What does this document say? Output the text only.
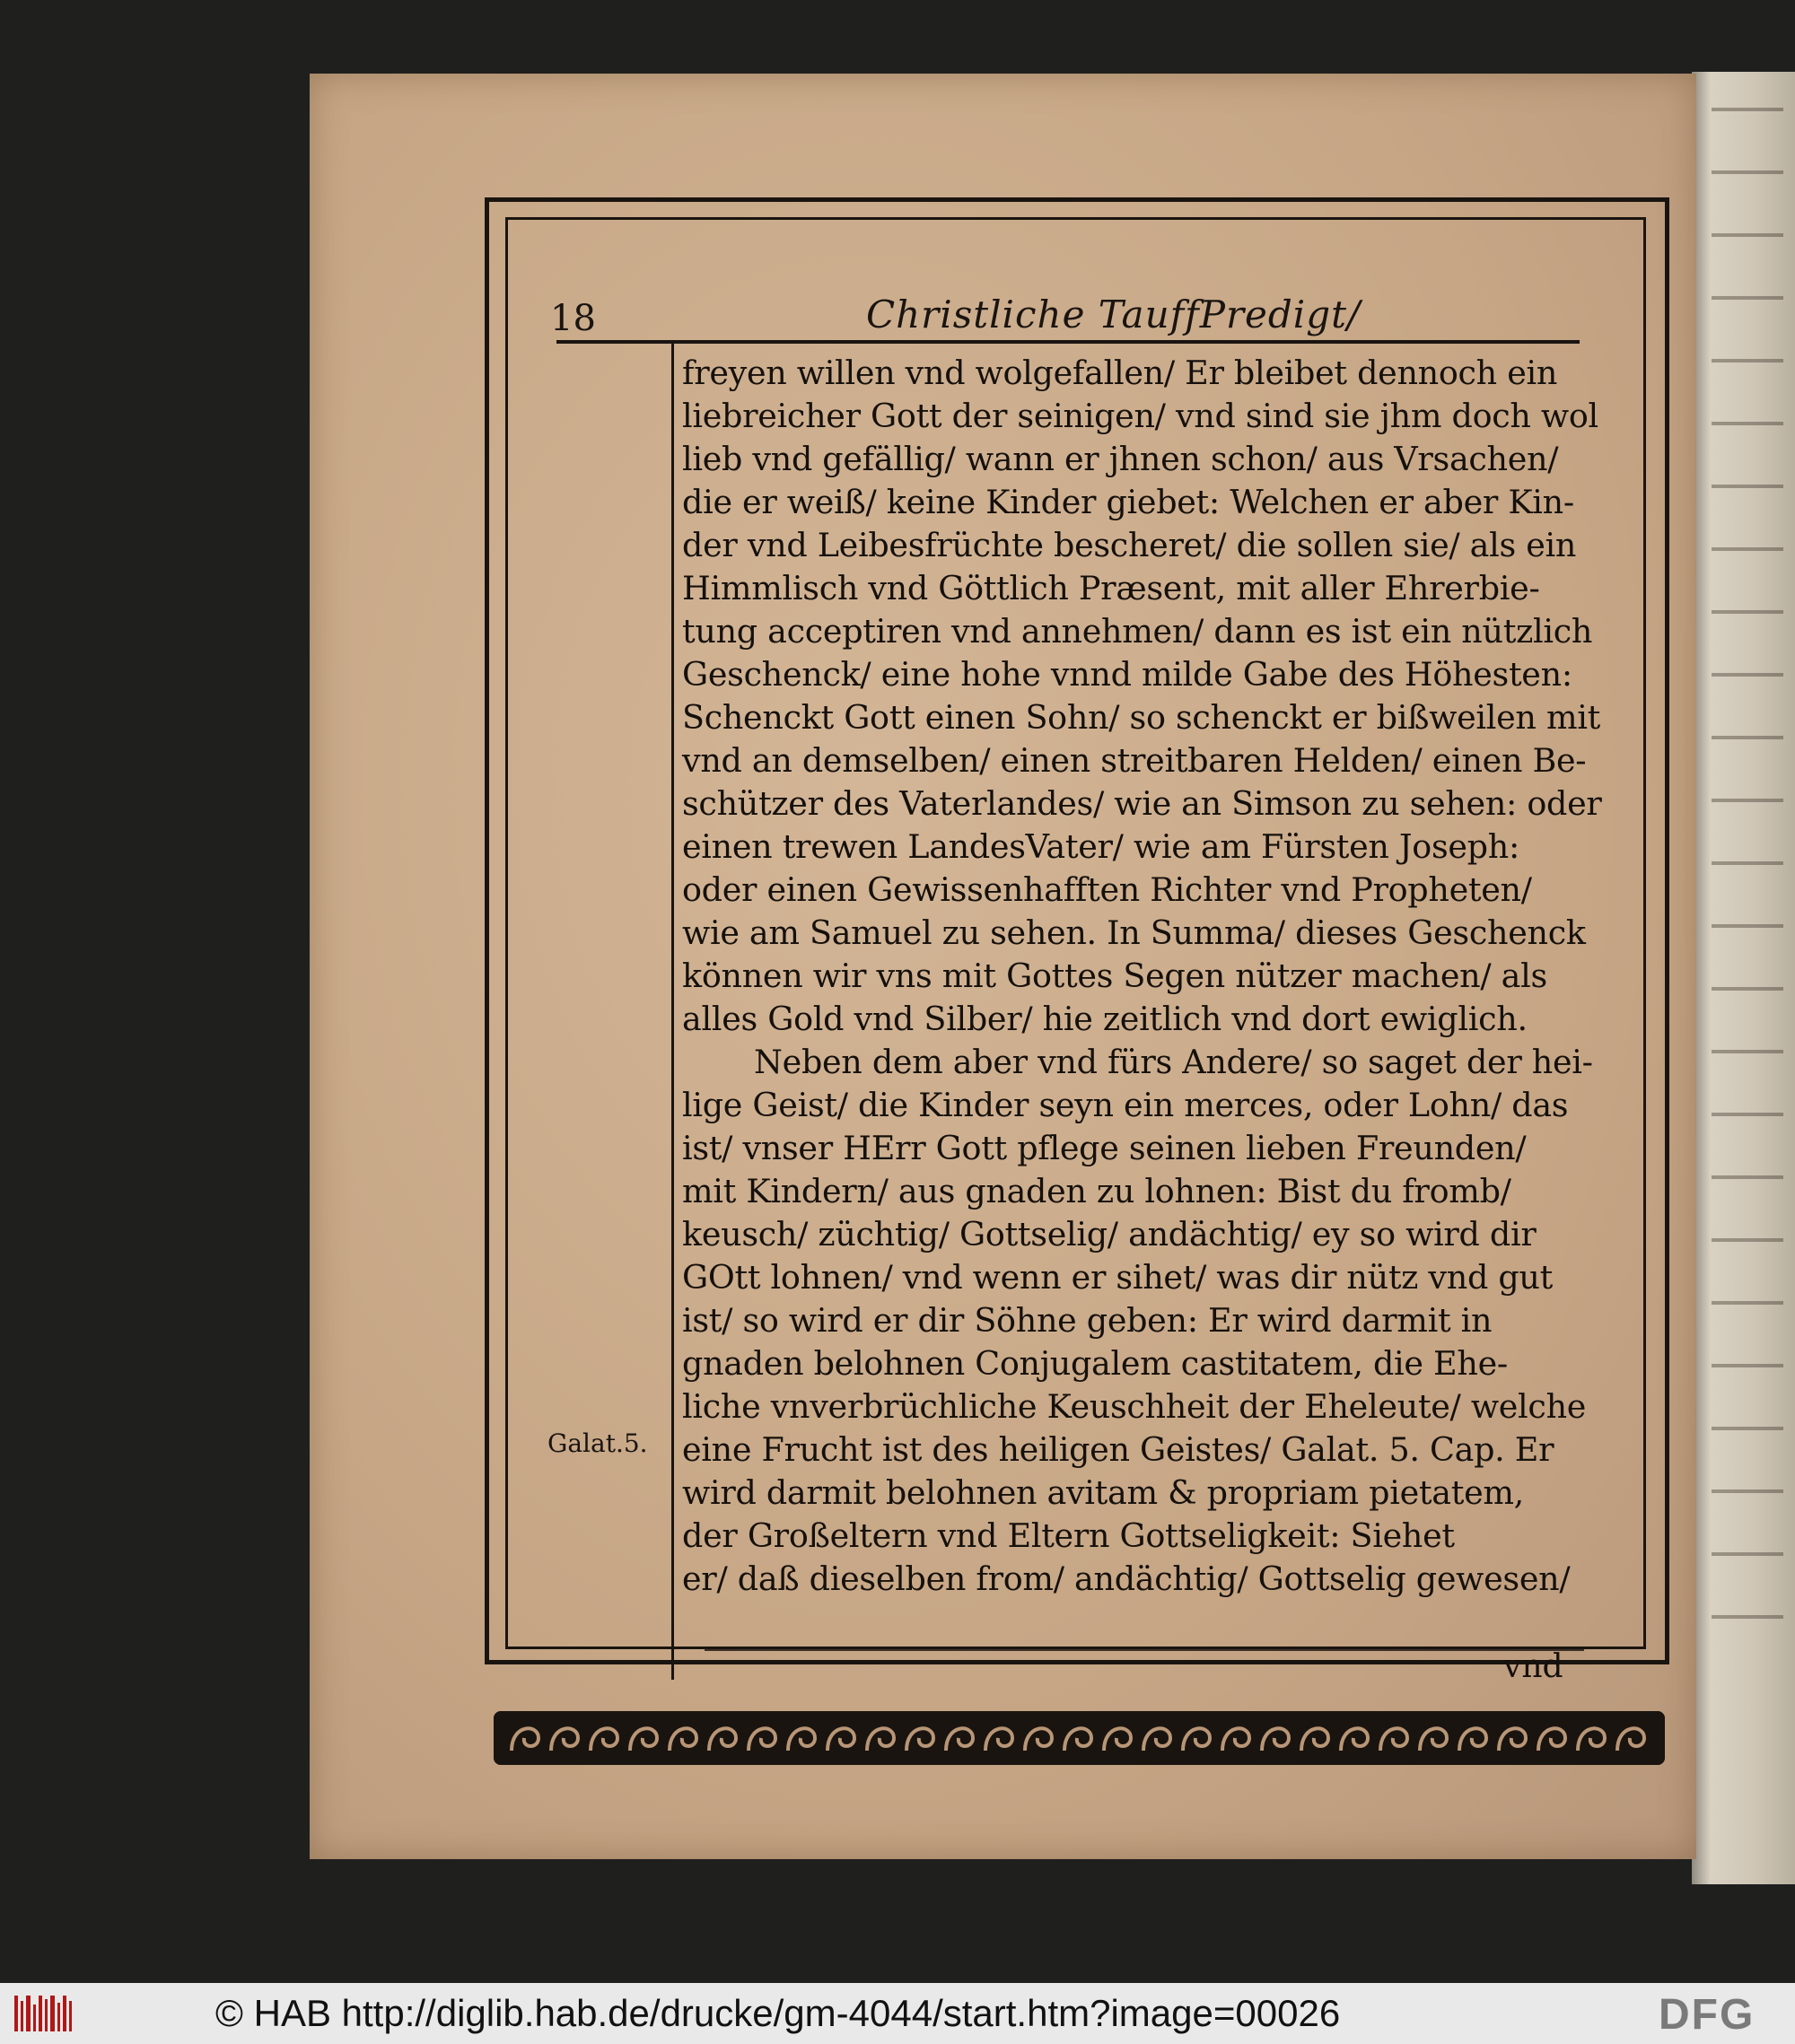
18	Christliche TauffPredigt/
Galat.5.
freyen willen vnd wolgefallen/ Er bleibet dennoch ein
liebreicher Gott der seinigen/ vnd sind sie jhm doch wol
lieb vnd gefällig/ wann er jhnen schon/ aus Vrsachen/
die er weiß/ keine Kinder giebet: Welchen er aber Kin-
der vnd Leibesfrüchte bescheret/ die sollen sie/ als ein
Himmlisch vnd Göttlich Præsent, mit aller Ehrerbie-
tung acceptiren vnd annehmen/ dann es ist ein nützlich
Geschenck/ eine hohe vnnd milde Gabe des Höhesten:
Schenckt Gott einen Sohn/ so schenckt er bißweilen mit
vnd an demselben/ einen streitbaren Helden/ einen Be-
schützer des Vaterlandes/ wie an Simson zu sehen: oder
einen trewen LandesVater/ wie am Fürsten Joseph:
oder einen Gewissenhafften Richter vnd Propheten/
wie am Samuel zu sehen. In Summa/ dieses Geschenck
können wir vns mit Gottes Segen nützer machen/ als
alles Gold vnd Silber/ hie zeitlich vnd dort ewiglich.
Neben dem aber vnd fürs Andere/ so saget der hei-
lige Geist/ die Kinder seyn ein merces, oder Lohn/ das
ist/ vnser HErr Gott pflege seinen lieben Freunden/
mit Kindern/ aus gnaden zu lohnen: Bist du fromb/
keusch/ züchtig/ Gottselig/ andächtig/ ey so wird dir
GOtt lohnen/ vnd wenn er sihet/ was dir nütz vnd gut
ist/ so wird er dir Söhne geben: Er wird darmit in
gnaden belohnen Conjugalem castitatem, die Ehe-
liche vnverbrüchliche Keuschheit der Eheleute/ welche
eine Frucht ist des heiligen Geistes/ Galat. 5. Cap. Er
wird darmit belohnen avitam & propriam pietatem,
der Großeltern vnd Eltern Gottseligkeit: Siehet
er/ daß dieselben from/ andächtig/ Gottselig gewesen/
vnd
© HAB http://diglib.hab.de/drucke/gm-4044/start.htm?image=00026	DFG
